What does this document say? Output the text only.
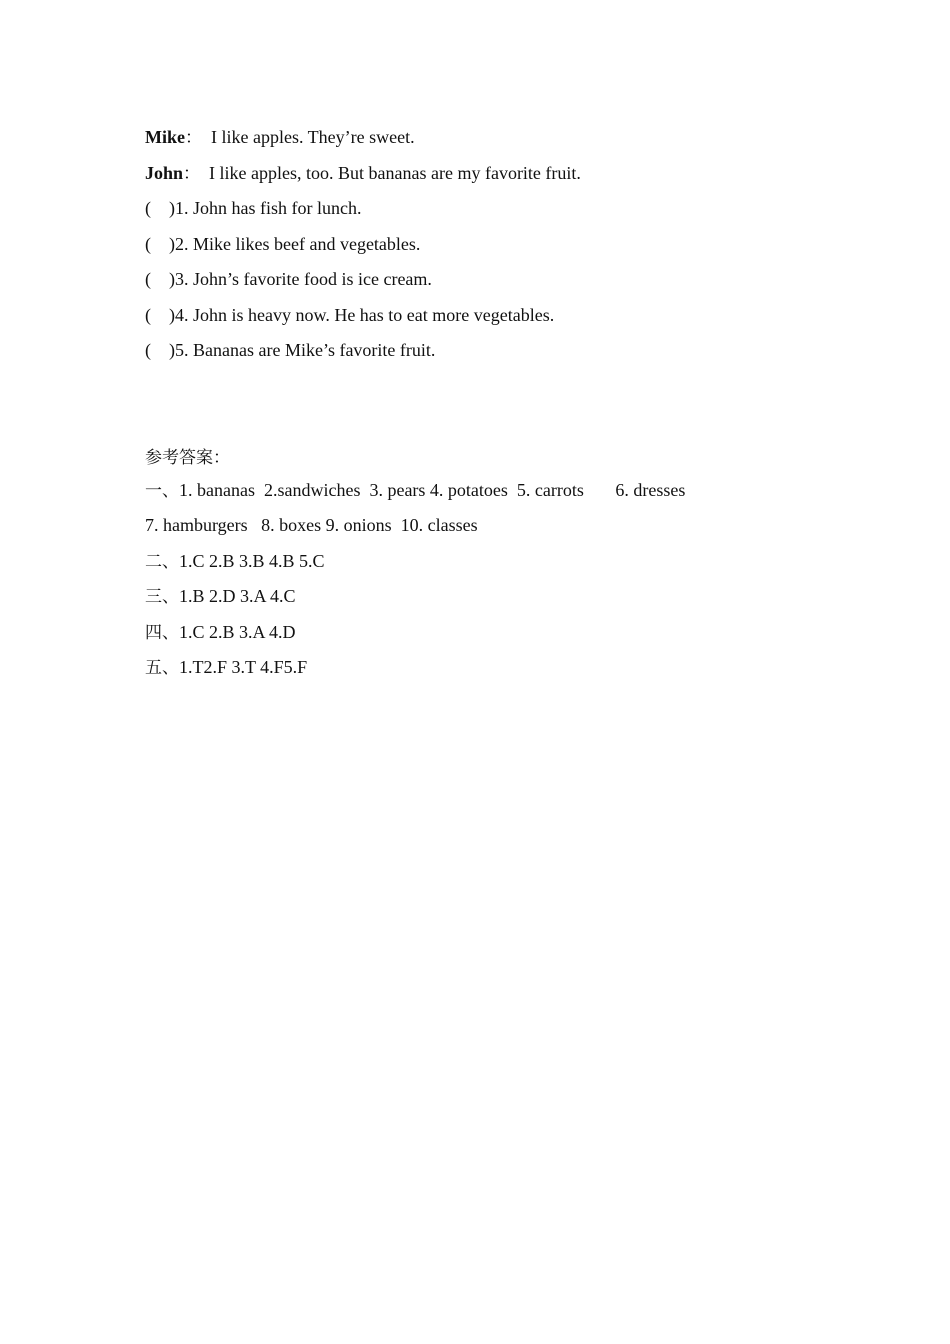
Mike：  I like apples. They’re sweet.
John：  I like apples, too. But bananas are my favorite fruit.
(    )1. John has fish for lunch.
(    )2. Mike likes beef and vegetables.
(    )3. John’s favorite food is ice cream.
(    )4. John is heavy now. He has to eat more vegetables.
(    )5. Bananas are Mike’s favorite fruit.
参考答案：
一、1. bananas  2.sandwiches  3. pears 4. potatoes  5. carrots       6. dresses
7. hamburgers   8. boxes 9. onions  10. classes
二、1.C 2.B 3.B 4.B 5.C
三、1.B 2.D 3.A 4.C
四、1.C 2.B 3.A 4.D
五、1.T2.F 3.T 4.F5.F
